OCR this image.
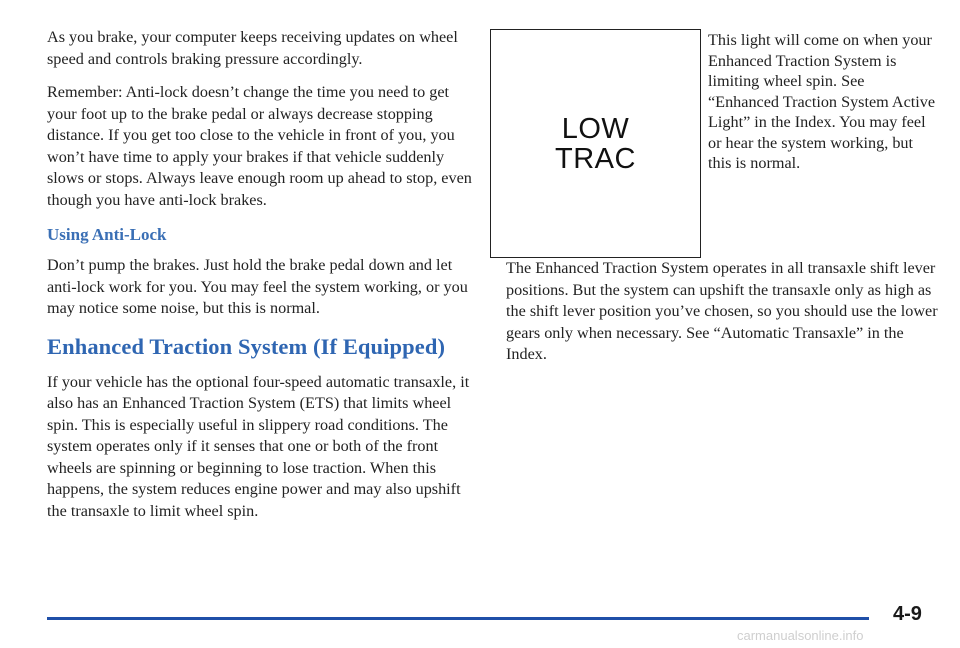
As you brake, your computer keeps receiving updates on wheel speed and controls braking pressure accordingly.

Remember: Anti-lock doesn’t change the time you need to get your foot up to the brake pedal or always decrease stopping distance. If you get too close to the vehicle in front of you, you won’t have time to apply your brakes if that vehicle suddenly slows or stops. Always leave enough room up ahead to stop, even though you have anti-lock brakes.

Using Anti-Lock

Don’t pump the brakes. Just hold the brake pedal down and let anti-lock work for you. You may feel the system working, or you may notice some noise, but this is normal.

Enhanced Traction System (If Equipped)

If your vehicle has the optional four-speed automatic transaxle, it also has an Enhanced Traction System (ETS) that limits wheel spin. This is especially useful in slippery road conditions. The system operates only if it senses that one or both of the front wheels are spinning or beginning to lose traction. When this happens, the system reduces engine power and may also upshift the transaxle to limit wheel spin.

LOW
TRAC

This light will come on when your Enhanced Traction System is limiting wheel spin. See “Enhanced Traction System Active Light” in the Index. You may feel or hear the system working, but this is normal.

The Enhanced Traction System operates in all transaxle shift lever positions. But the system can upshift the transaxle only as high as the shift lever position you’ve chosen, so you should use the lower gears only when necessary. See “Automatic Transaxle” in the Index.

4-9
carmanualsonline.info
